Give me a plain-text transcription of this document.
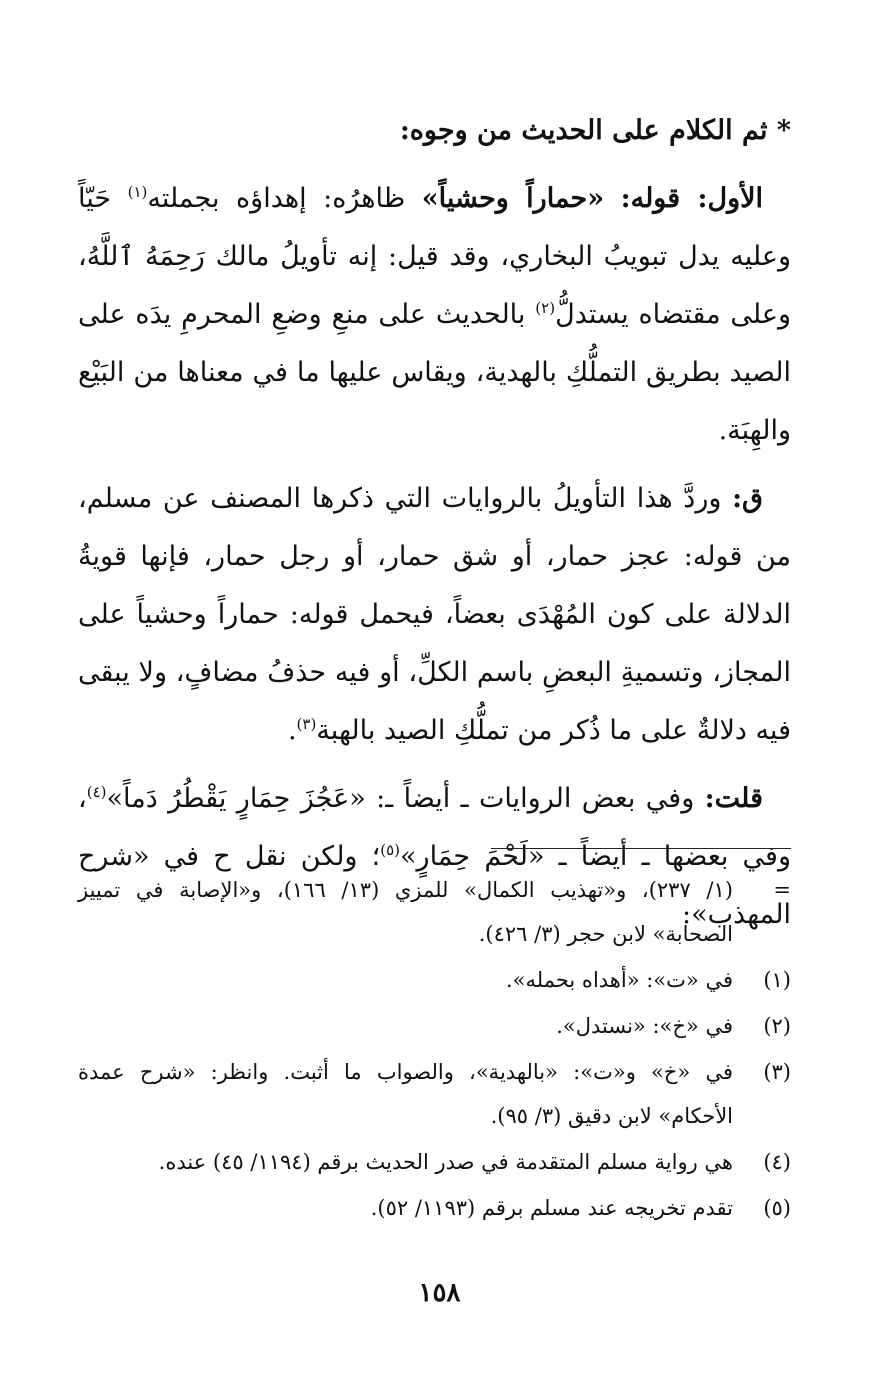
* ثم الكلام على الحديث من وجوه:

الأول: قوله: «حماراً وحشياً» ظاهرُه: إهداؤه بجملته$^{(١)}$ حَيّاً وعليه يدل تبويبُ البخاري، وقد قيل: إنه تأويلُ مالك رَحِمَهُ ٱللَّهُ، وعلى مقتضاه يستدلُّ$^{(٢)}$ بالحديث على منعِ وضعِ المحرمِ يدَه على الصيد بطريق التملُّكِ بالهدية، ويقاس عليها ما في معناها من البَيْع والهِبَة.

ق: وردَّ هذا التأويلُ بالروايات التي ذكرها المصنف عن مسلم، من قوله: عجز حمار، أو شق حمار، أو رجل حمار، فإنها قويةُ الدلالة على كون المُهْدَى بعضاً، فيحمل قوله: حماراً وحشياً على المجاز، وتسميةِ البعضِ باسم الكلِّ، أو فيه حذفُ مضافٍ، ولا يبقى فيه دلالةٌ على ما ذُكر من تملُّكِ الصيد بالهبة$^{(٣)}$.

قلت: وفي بعض الروايات ـ أيضاً ـ: «عَجُزَ حِمَارٍ يَقْطُرُ دَماً»$^{(٤)}$، وفي بعضها ـ أيضاً ـ «لَحْمَ حِمَارٍ»$^{(٥)}$؛ ولكن نقل ح في «شرح المهذب»:

=
(١/ ٢٣٧)، و«تهذيب الكمال» للمزي (١٣/ ١٦٦)، و«الإصابة في تمييز الصحابة» لابن حجر (٣/ ٤٢٦).
(١)
في «ت»: «أهداه بحمله».
(٢)
في «خ»: «نستدل».
(٣)
في «خ» و«ت»: «بالهدية»، والصواب ما أثبت. وانظر: «شرح عمدة الأحكام» لابن دقيق (٣/ ٩٥).
(٤)
هي رواية مسلم المتقدمة في صدر الحديث برقم (١١٩٤/ ٤٥) عنده.
(٥)
تقدم تخريجه عند مسلم برقم (١١٩٣/ ٥٢).
١٥٨
